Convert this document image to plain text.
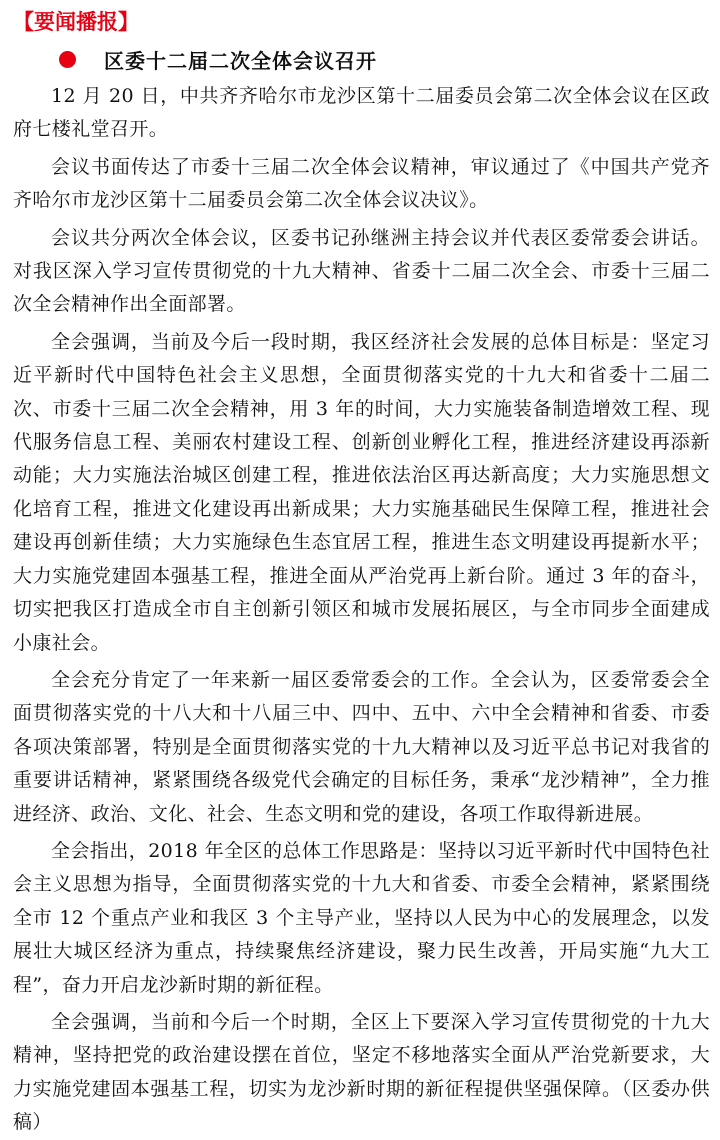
【要闻播报】
区委十二届二次全体会议召开

12 月 20 日，中共齐齐哈尔市龙沙区第十二届委员会第二次全体会议在区政府七楼礼堂召开。

会议书面传达了市委十三届二次全体会议精神，审议通过了《中国共产党齐齐哈尔市龙沙区第十二届委员会第二次全体会议决议》。

会议共分两次全体会议，区委书记孙继洲主持会议并代表区委常委会讲话。对我区深入学习宣传贯彻党的十九大精神、省委十二届二次全会、市委十三届二次全会精神作出全面部署。

全会强调，当前及今后一段时期，我区经济社会发展的总体目标是：坚定习近平新时代中国特色社会主义思想，全面贯彻落实党的十九大和省委十二届二次、市委十三届二次全会精神，用 3 年的时间，大力实施装备制造增效工程、现代服务信息工程、美丽农村建设工程、创新创业孵化工程，推进经济建设再添新动能；大力实施法治城区创建工程，推进依法治区再达新高度；大力实施思想文化培育工程，推进文化建设再出新成果；大力实施基础民生保障工程，推进社会建设再创新佳绩；大力实施绿色生态宜居工程，推进生态文明建设再提新水平；大力实施党建固本强基工程，推进全面从严治党再上新台阶。通过 3 年的奋斗，切实把我区打造成全市自主创新引领区和城市发展拓展区，与全市同步全面建成小康社会。

全会充分肯定了一年来新一届区委常委会的工作。全会认为，区委常委会全面贯彻落实党的十八大和十八届三中、四中、五中、六中全会精神和省委、市委各项决策部署，特别是全面贯彻落实党的十九大精神以及习近平总书记对我省的重要讲话精神，紧紧围绕各级党代会确定的目标任务，秉承“龙沙精神”，全力推进经济、政治、文化、社会、生态文明和党的建设，各项工作取得新进展。

全会指出，2018 年全区的总体工作思路是：坚持以习近平新时代中国特色社会主义思想为指导，全面贯彻落实党的十九大和省委、市委全会精神，紧紧围绕全市 12 个重点产业和我区 3 个主导产业，坚持以人民为中心的发展理念，以发展壮大城区经济为重点，持续聚焦经济建设，聚力民生改善，开局实施“九大工程”，奋力开启龙沙新时期的新征程。

全会强调，当前和今后一个时期，全区上下要深入学习宣传贯彻党的十九大精神，坚持把党的政治建设摆在首位，坚定不移地落实全面从严治党新要求，大力实施党建固本强基工程，切实为龙沙新时期的新征程提供坚强保障。（区委办供稿）
